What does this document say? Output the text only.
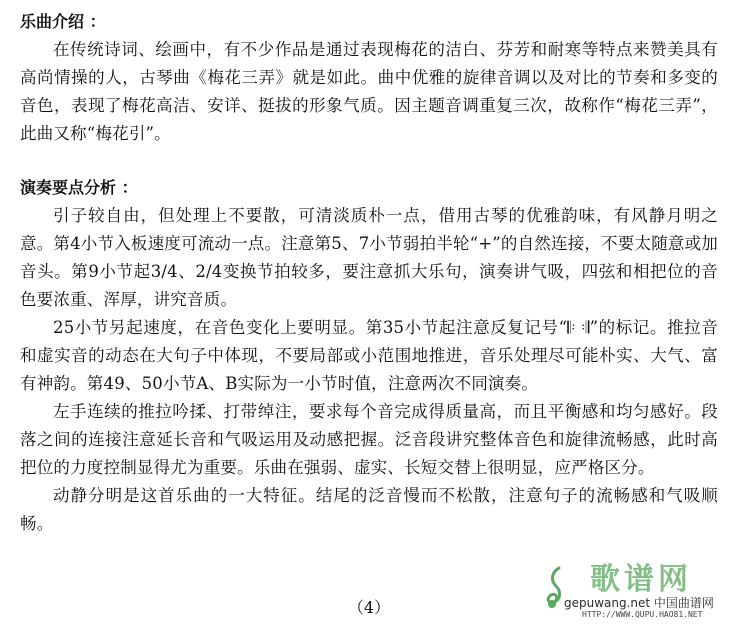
乐曲介绍 ：

在传统诗词、绘画中，有不少作品是通过表现梅花的洁白、芬芳和耐寒等特点来赞美具有高尚情操的人，古琴曲《梅花三弄》就是如此。曲中优雅的旋律音调以及对比的节奏和多变的音色，表现了梅花高洁、安详、挺拔的形象气质。因主题音调重复三次，故称作“梅花三弄”，此曲又称“梅花引”。

演奏要点分析 ：

引子较自由，但处理上不要散，可清淡质朴一点，借用古琴的优雅韵味，有风静月明之意。第4小节入板速度可流动一点。注意第5、7小节弱拍半轮“+”的自然连接，不要太随意或加音头。第9小节起3/4、2/4变换节拍较多，要注意抓大乐句，演奏讲气吸，四弦和相把位的音色要浓重、浑厚，讲究音质。

25小节另起速度，在音色变化上要明显。第35小节起注意反复记号“𝄆 𝄇”的标记。推拉音和虚实音的动态在大句子中体现，不要局部或小范围地推进，音乐处理尽可能朴实、大气、富有神韵。第49、50小节A、B实际为一小节时值，注意两次不同演奏。

左手连续的推拉吟揉、打带绰注，要求每个音完成得质量高，而且平衡感和均匀感好。段落之间的连接注意延长音和气吸运用及动感把握。泛音段讲究整体音色和旋律流畅感，此时高把位的力度控制显得尤为重要。乐曲在强弱、虚实、长短交替上很明显，应严格区分。

动静分明是这首乐曲的一大特征。结尾的泛音慢而不松散，注意句子的流畅感和气吸顺畅。

（4）
歌谱网
gepuwang.net 中国曲谱网
HTTP://WWW.QUPU.HAO81.NET
